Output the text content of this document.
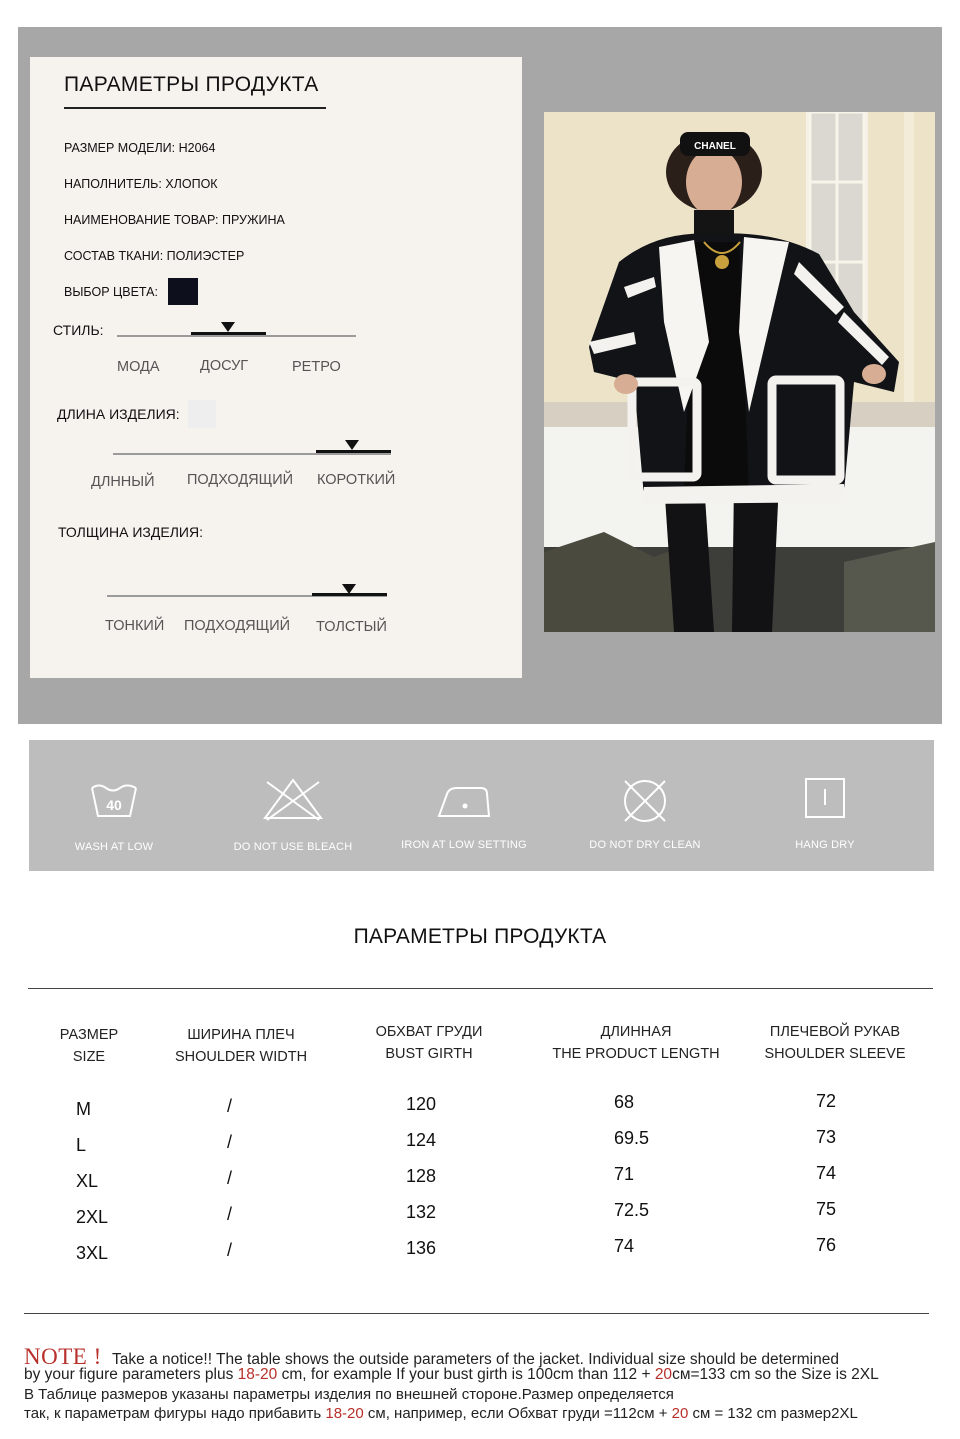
ПАРАМЕТРЫ ПРОДУКТА
РАЗМЕР МОДЕЛИ: H2064
НАПОЛНИТЕЛЬ: ХЛОПОК
НАИМЕНОВАНИЕ ТОВАР: ПРУЖИНА
СОСТАВ ТКАНИ: ПОЛИЭСТЕР
ВЫБОР ЦВЕТА:
СТИЛЬ:
МОДА	ДОСУГ	РЕТРО
ДЛИНА ИЗДЕЛИЯ:
ДЛННЫЙ ПОДХОДЯЩИЙ КОРОТКИЙ
ТОЛЩИНА ИЗДЕЛИЯ:
ТОНКИЙ ПОДХОДЯЩИЙ ТОЛСТЫЙ
CHANEL
40
WASH AT LOW	DO NOT USE BLEACH	IRON AT LOW SETTING	DO NOT DRY CLEAN	HANG DRY
ПАРАМЕТРЫ ПРОДУКТА
РАЗМЕР
SIZE
ШИРИНА ПЛЕЧ
SHOULDER WIDTH
ОБХВАТ ГРУДИ
BUST GIRTH
ДЛИННАЯ
THE PRODUCT LENGTH
ПЛЕЧЕВОЙ РУКАВ
SHOULDER SLEEVE
M	/	120	68	72
L	/	124	69.5	73
XL	/	128	71	74
2XL	/	132	72.5	75
3XL	/	136	74	76
NOTE ! Take a notice!! The table shows the outside parameters of the jacket. Individual size should be determined
by your figure parameters plus 18-20 cm, for example If your bust girth is 100cm than 112 + 20см=133 cm so the Size is 2XL
В Таблице размеров указаны параметры изделия по внешней стороне.Размер определяется
так, к параметрам фигуры надо прибавить 18-20 см, например, если Обхват груди =112см + 20 см = 132 cm размер2XL
